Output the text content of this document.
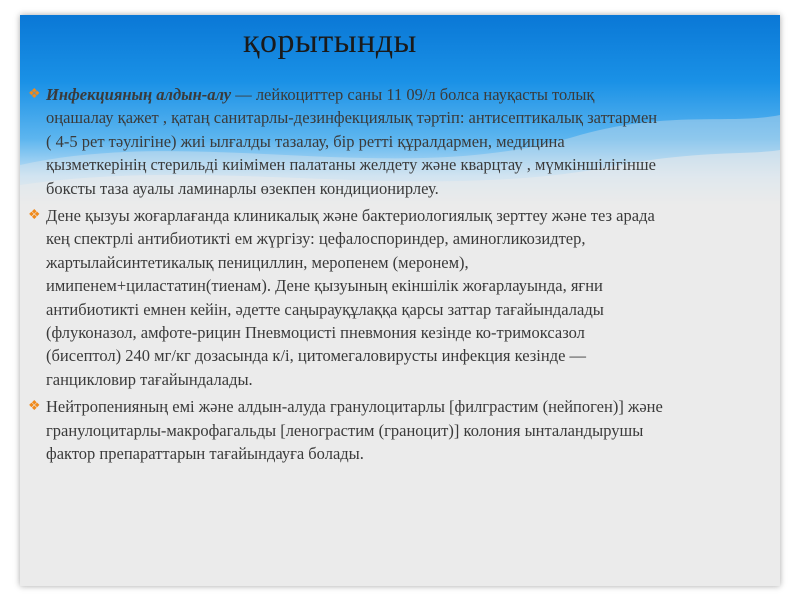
қорытынды

❖ Инфекцияның алдын-алу — лейкоциттер саны 11 09/л болса науқасты толық оңашалау қажет , қатаң санитарлы-дезинфекциялық тәртіп: антисептикалық заттармен ( 4-5 рет тәулігіне) жиі ылғалды тазалау, бір ретті құралдармен, медицина қызметкерінің стерильді киімімен палатаны желдету және кварцтау , мүмкіншілігінше боксты таза ауалы ламинарлы өзекпен кондиционирлеу.

❖ Дене қызуы жоғарлағанда клиникалық және бактериологиялық зерттеу және тез арада кең спектрлі антибиотикті ем жүргізу: цефалоспориндер, аминогликозидтер, жартылайсинтетикалық пенициллин, меропенем (меронем), имипенем+циластатин(тиенам). Дене қызуының екіншілік жоғарлауында, яғни антибиотикті емнен кейін, әдетте саңырауқұлаққа қарсы заттар тағайындалады (флуконазол, амфоте-рицин Пневмоцисті пневмония кезінде ко-тримоксазол (бисептол) 240 мг/кг дозасында к/і, цитомегаловирусты инфекция кезінде — ганцикловир тағайындалады.

❖ Нейтропенияның емі және алдын-алуда гранулоцитарлы [филграстим (нейпоген)] және гранулоцитарлы-макрофагальды [ленограстим (граноцит)] колония ынталандырушы фактор препараттарын тағайындауға болады.
